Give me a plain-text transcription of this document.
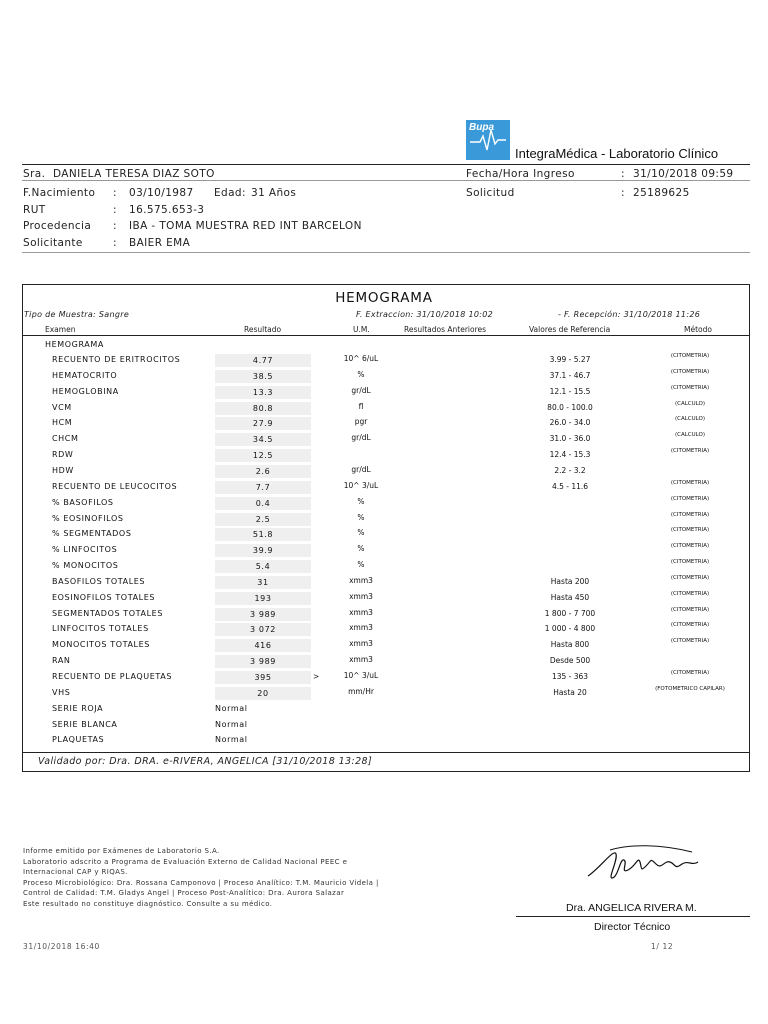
Bupa
IntegraMédica - Laboratorio Clínico
Sra. DANIELA TERESA DIAZ SOTO
F.Nacimiento : 03/10/1987 Edad: 31 Años
RUT	: 16.575.653-3
Procedencia : IBA - TOMA MUESTRA RED INT BARCELON
Solicitante	: BAIER EMA
Fecha/Hora Ingreso	: 31/10/2018 09:59
Solicitud	: 25189625
HEMOGRAMA
Tipo de Muestra: Sangre	F. Extraccion: 31/10/2018 10:02	- F. Recepción: 31/10/2018 11:26
Examen	Resultado	U.M.	Resultados Anteriores	Valores de Referencia	Método
HEMOGRAMA
RECUENTO DE ERITROCITOS	4.77	10^ 6/uL	3.99 - 5.27	(CITOMETRIA)
HEMATOCRITO	38.5	%	37.1 - 46.7	(CITOMETRIA)
HEMOGLOBINA	13.3	gr/dL	12.1 - 15.5	(CITOMETRIA)
VCM	80.8	fl	80.0 - 100.0	(CALCULO)
HCM	27.9	pgr	26.0 - 34.0	(CALCULO)
CHCM	34.5	gr/dL	31.0 - 36.0	(CALCULO)
RDW	12.5	12.4 - 15.3	(CITOMETRIA)
HDW	2.6	gr/dL	2.2 - 3.2
RECUENTO DE LEUCOCITOS	7.7	10^ 3/uL	4.5 - 11.6	(CITOMETRIA)
% BASOFILOS	0.4	%	(CITOMETRIA)
% EOSINOFILOS	2.5	%	(CITOMETRIA)
% SEGMENTADOS	51.8	%	(CITOMETRIA)
% LINFOCITOS	39.9	%	(CITOMETRIA)
% MONOCITOS	5.4	%	(CITOMETRIA)
BASOFILOS TOTALES	31	xmm3	Hasta 200	(CITOMETRIA)
EOSINOFILOS TOTALES	193	xmm3	Hasta 450	(CITOMETRIA)
SEGMENTADOS TOTALES	3 989	xmm3	1 800 - 7 700	(CITOMETRIA)
LINFOCITOS TOTALES	3 072	xmm3	1 000 - 4 800	(CITOMETRIA)
MONOCITOS TOTALES	416	xmm3	Hasta 800	(CITOMETRIA)
RAN	3 989	xmm3	Desde 500
RECUENTO DE PLAQUETAS	395	>	10^ 3/uL	135 - 363	(CITOMETRIA)
VHS	20	mm/Hr	Hasta 20	(FOTOMETRICO CAPILAR)
SERIE ROJA	Normal
SERIE BLANCA	Normal
PLAQUETAS	Normal
Validado por: Dra. DRA. e-RIVERA, ANGELICA [31/10/2018 13:28]
Informe emitido por Exámenes de Laboratorio S.A.
Laboratorio adscrito a Programa de Evaluación Externo de Calidad Nacional PEEC e
Internacional CAP y RIQAS.
Proceso Microbiológico: Dra. Rossana Camponovo | Proceso Analítico: T.M. Mauricio Videla |
Control de Calidad: T.M. Gladys Angel | Proceso Post-Analítico: Dra. Aurora Salazar
Este resultado no constituye diagnóstico. Consulte a su médico.	Dra. ANGELICA RIVERA M.
Director Técnico
31/10/2018 16:40	1/ 12
